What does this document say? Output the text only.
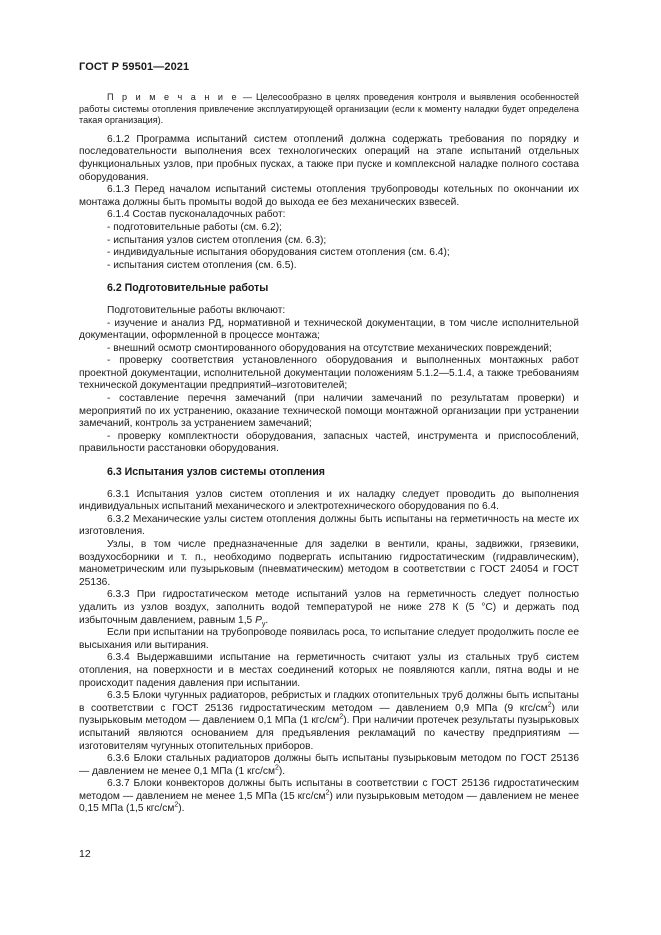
ГОСТ Р 59501—2021

П р и м е ч а н и е — Целесообразно в целях проведения контроля и выявления особенностей работы системы отопления привлечение эксплуатирующей организации (если к моменту наладки будет определена такая организация).

6.1.2 Программа испытаний систем отоплений должна содержать требования по порядку и последовательности выполнения всех технологических операций на этапе испытаний отдельных функциональных узлов, при пробных пусках, а также при пуске и комплексной наладке полного состава оборудования.

6.1.3 Перед началом испытаний системы отопления трубопроводы котельных по окончании их монтажа должны быть промыты водой до выхода ее без механических взвесей.

6.1.4 Состав пусконаладочных работ:

- подготовительные работы (см. 6.2);

- испытания узлов систем отопления (см. 6.3);

- индивидуальные испытания оборудования систем отопления (см. 6.4);

- испытания систем отопления (см. 6.5).

6.2 Подготовительные работы

Подготовительные работы включают:

- изучение и анализ РД, нормативной и технической документации, в том числе исполнительной документации, оформленной в процессе монтажа;

- внешний осмотр смонтированного оборудования на отсутствие механических повреждений;

- проверку соответствия установленного оборудования и выполненных монтажных работ проектной документации, исполнительной документации положениям 5.1.2—5.1.4, а также требованиям технической документации предприятий–изготовителей;

- составление перечня замечаний (при наличии замечаний по результатам проверки) и мероприятий по их устранению, оказание технической помощи монтажной организации при устранении замечаний, контроль за устранением замечаний;

- проверку комплектности оборудования, запасных частей, инструмента и приспособлений, правильности расстановки оборудования.

6.3 Испытания узлов системы отопления

6.3.1 Испытания узлов систем отопления и их наладку следует проводить до выполнения индивидуальных испытаний механического и электротехнического оборудования по 6.4.

6.3.2 Механические узлы систем отопления должны быть испытаны на герметичность на месте их изготовления.

Узлы, в том числе предназначенные для заделки в вентили, краны, задвижки, грязевики, воздухосборники и т. п., необходимо подвергать испытанию гидростатическим (гидравлическим), манометрическим или пузырьковым (пневматическим) методом в соответствии с ГОСТ 24054 и ГОСТ 25136.

6.3.3 При гидростатическом методе испытаний узлов на герметичность следует полностью удалить из узлов воздух, заполнить водой температурой не ниже 278 К (5 °С) и держать под избыточным давлением, равным 1,5 $P_y$.

Если при испытании на трубопроводе появилась роса, то испытание следует продолжить после ее высыхания или вытирания.

6.3.4 Выдержавшими испытание на герметичность считают узлы из стальных труб систем отопления, на поверхности и в местах соединений которых не появляются капли, пятна воды и не происходит падения давления при испытании.

6.3.5 Блоки чугунных радиаторов, ребристых и гладких отопительных труб должны быть испытаны в соответствии с ГОСТ 25136 гидростатическим методом — давлением 0,9 МПа (9 кгс/$см^2$) или пузырьковым методом — давлением 0,1 МПа (1 кгс/$см^2$). При наличии протечек результаты пузырьковых испытаний являются основанием для предъявления рекламаций по качеству предприятиям — изготовителям чугунных отопительных приборов.

6.3.6 Блоки стальных радиаторов должны быть испытаны пузырьковым методом по ГОСТ 25136 — давлением не менее 0,1 МПа (1 кгс/$см^2$).

6.3.7 Блоки конвекторов должны быть испытаны в соответствии с ГОСТ 25136 гидростатическим методом — давлением не менее 1,5 МПа (15 кгс/$см^2$) или пузырьковым методом — давлением не менее 0,15 МПа (1,5 кгс/$см^2$).

12
